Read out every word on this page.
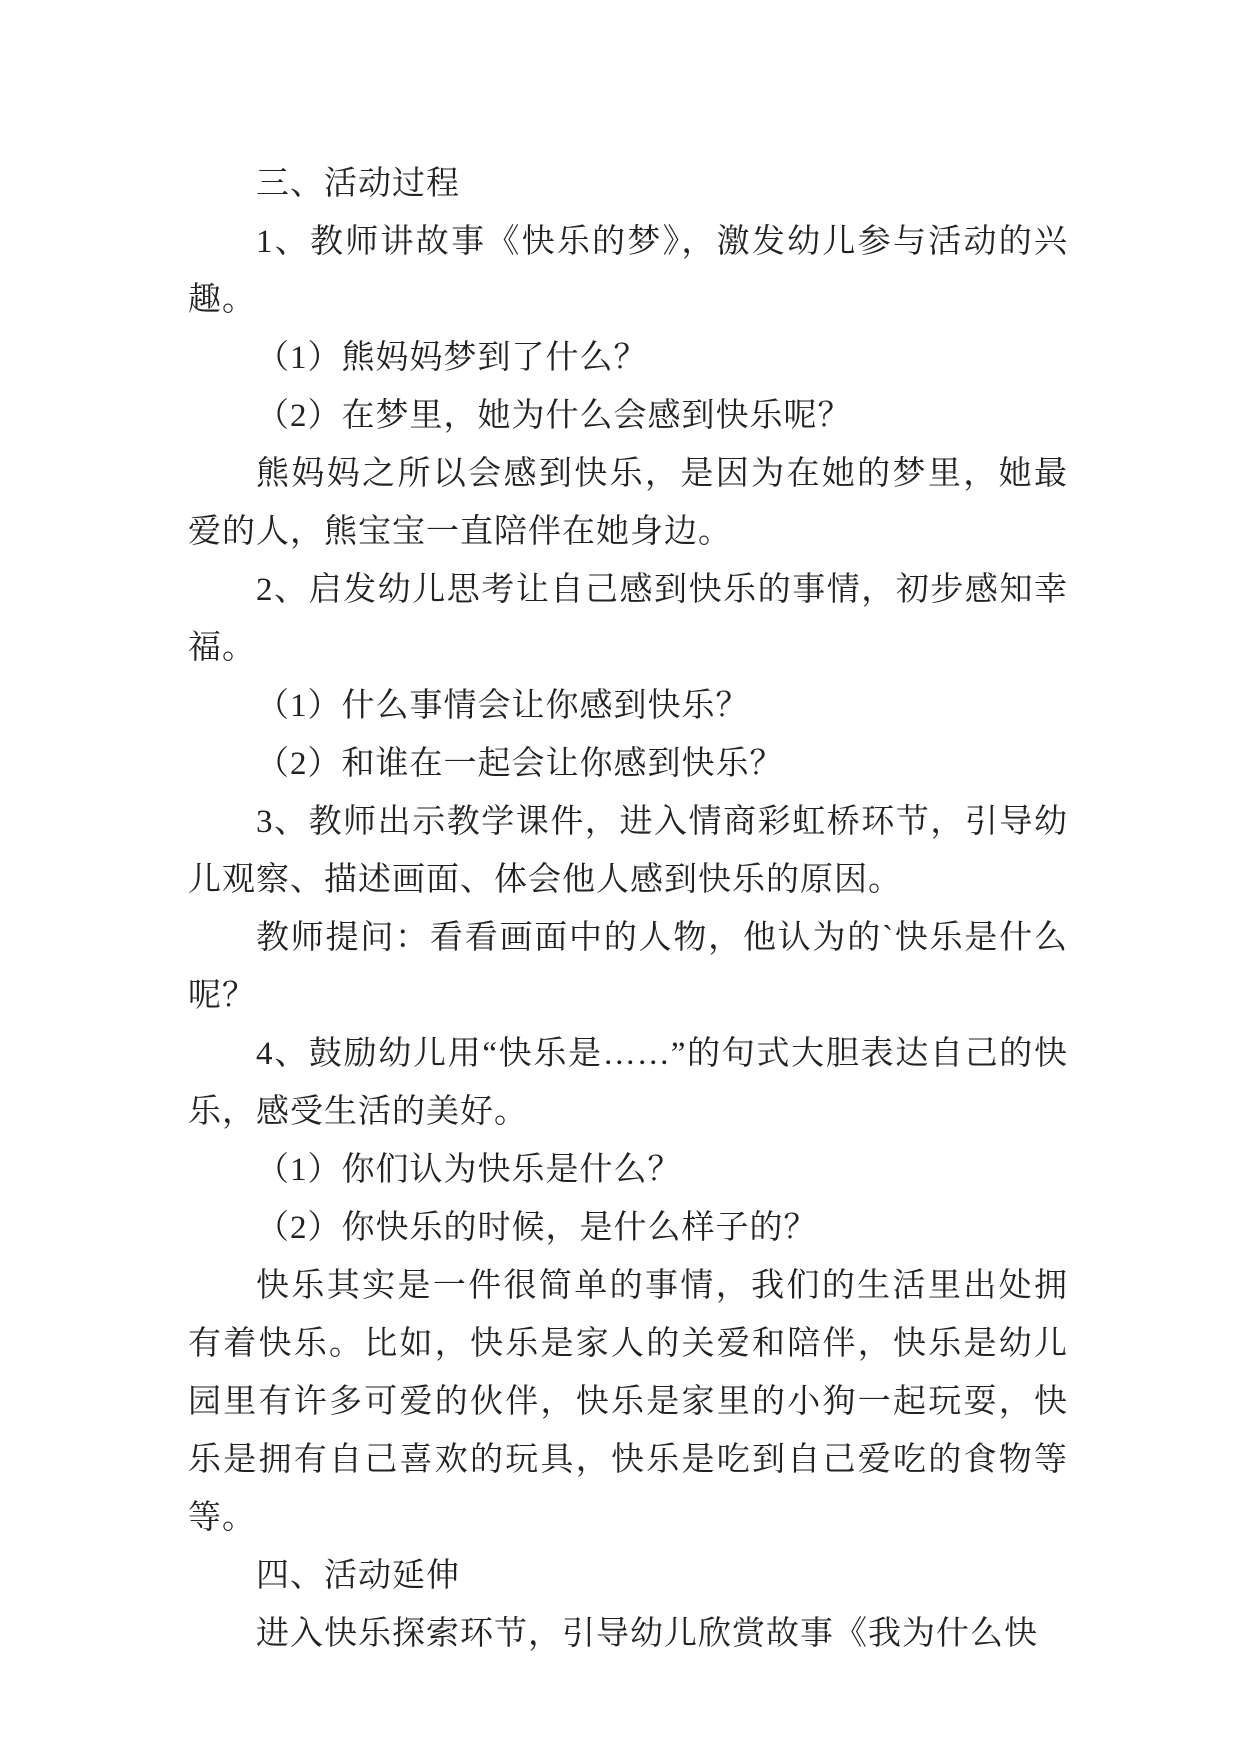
三、活动过程

1、教师讲故事《快乐的梦》，激发幼儿参与活动的兴趣。

（1）熊妈妈梦到了什么？

（2）在梦里，她为什么会感到快乐呢？

熊妈妈之所以会感到快乐，是因为在她的梦里，她最爱的人，熊宝宝一直陪伴在她身边。

2、启发幼儿思考让自己感到快乐的事情，初步感知幸福。

（1）什么事情会让你感到快乐？

（2）和谁在一起会让你感到快乐？

3、教师出示教学课件，进入情商彩虹桥环节，引导幼儿观察、描述画面、体会他人感到快乐的原因。

教师提问：看看画面中的人物，他认为的`快乐是什么呢？

4、鼓励幼儿用“快乐是……”的句式大胆表达自己的快乐，感受生活的美好。

（1）你们认为快乐是什么？

（2）你快乐的时候，是什么样子的？

快乐其实是一件很简单的事情，我们的生活里出处拥有着快乐。比如，快乐是家人的关爱和陪伴，快乐是幼儿园里有许多可爱的伙伴，快乐是家里的小狗一起玩耍，快乐是拥有自己喜欢的玩具，快乐是吃到自己爱吃的食物等等。

四、活动延伸

进入快乐探索环节，引导幼儿欣赏故事《我为什么快
